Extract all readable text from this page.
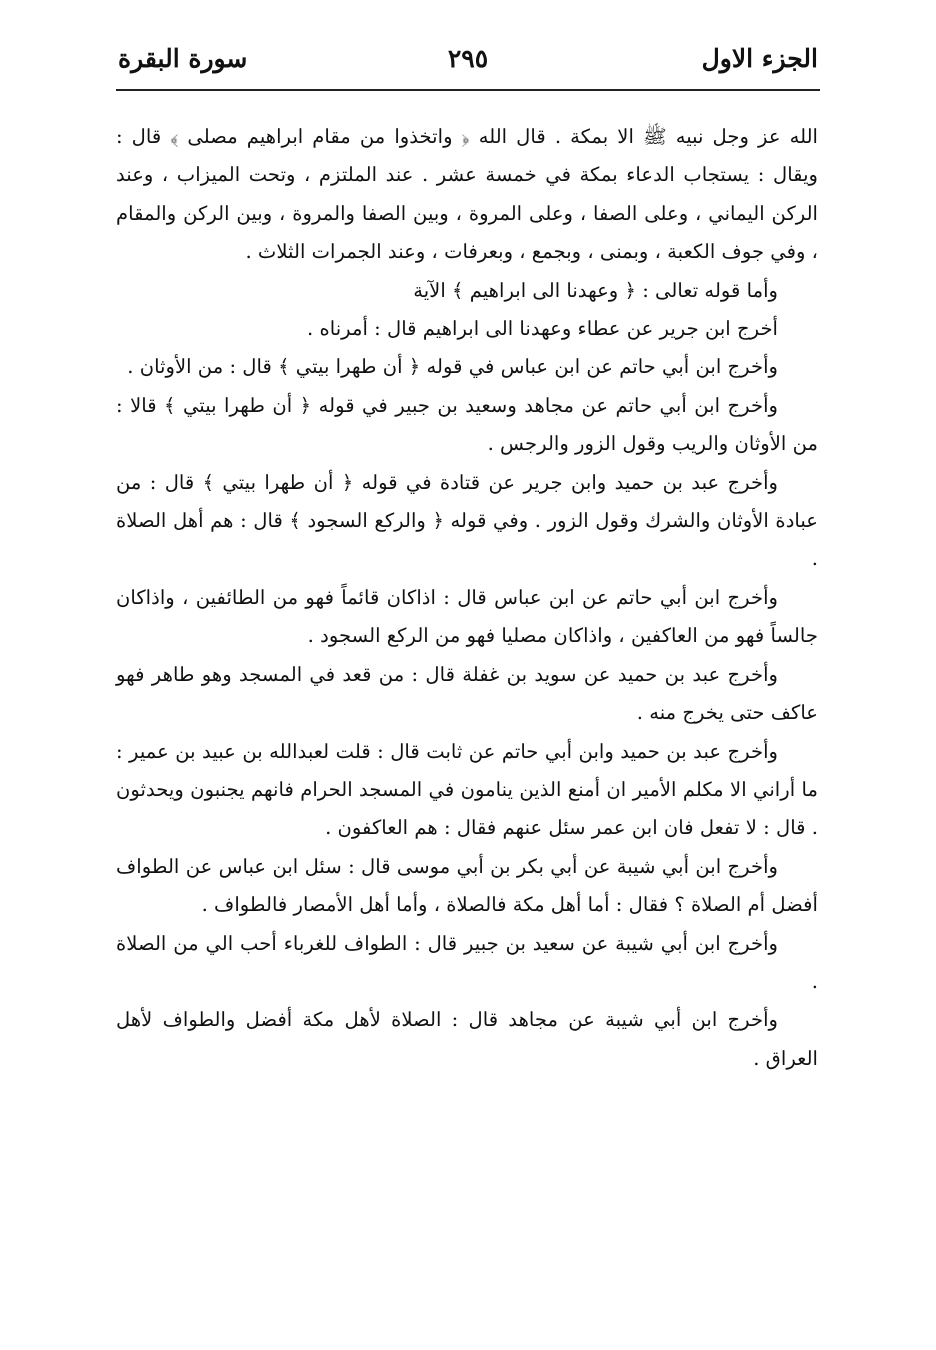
الجزء الاول
٢٩٥
سورة البقرة

الله عز وجل نبيه ﷺ الا بمكة . قال الله ﴿ واتخذوا من مقام ابراهيم مصلى ﴾ قال : ويقال : يستجاب الدعاء بمكة في خمسة عشر . عند الملتزم ، وتحت الميزاب ، وعند الركن اليماني ، وعلى الصفا ، وعلى المروة ، وبين الصفا والمروة ، وبين الركن والمقام ، وفي جوف الكعبة ، وبمنى ، وبجمع ، وبعرفات ، وعند الجمرات الثلاث .

وأما قوله تعالى : ﴿ وعهدنا الى ابراهيم ﴾ الآية

أخرج ابن جرير عن عطاء وعهدنا الى ابراهيم قال : أمرناه .

وأخرج ابن أبي حاتم عن ابن عباس في قوله ﴿ أن طهرا بيتي ﴾ قال : من الأوثان .

وأخرج ابن أبي حاتم عن مجاهد وسعيد بن جبير في قوله ﴿ أن طهرا بيتي ﴾ قالا : من الأوثان والريب وقول الزور والرجس .

وأخرج عبد بن حميد وابن جرير عن قتادة في قوله ﴿ أن طهرا بيتي ﴾ قال : من عبادة الأوثان والشرك وقول الزور . وفي قوله ﴿ والركع السجود ﴾ قال : هم أهل الصلاة .

وأخرج ابن أبي حاتم عن ابن عباس قال : اذاكان قائماً فهو من الطائفين ، واذاكان جالساً فهو من العاكفين ، واذاكان مصليا فهو من الركع السجود .

وأخرج عبد بن حميد عن سويد بن غفلة قال : من قعد في المسجد وهو طاهر فهو عاكف حتى يخرج منه .

وأخرج عبد بن حميد وابن أبي حاتم عن ثابت قال : قلت لعبدالله بن عبيد بن عمير : ما أراني الا مكلم الأمير ان أمنع الذين ينامون في المسجد الحرام فانهم يجنبون ويحدثون . قال : لا تفعل فان ابن عمر سئل عنهم فقال : هم العاكفون .

وأخرج ابن أبي شيبة عن أبي بكر بن أبي موسى قال : سئل ابن عباس عن الطواف أفضل أم الصلاة ؟ فقال : أما أهل مكة فالصلاة ، وأما أهل الأمصار فالطواف .

وأخرج ابن أبي شيبة عن سعيد بن جبير قال : الطواف للغرباء أحب الي من الصلاة .

وأخرج ابن أبي شيبة عن مجاهد قال : الصلاة لأهل مكة أفضل والطواف لأهل العراق .
